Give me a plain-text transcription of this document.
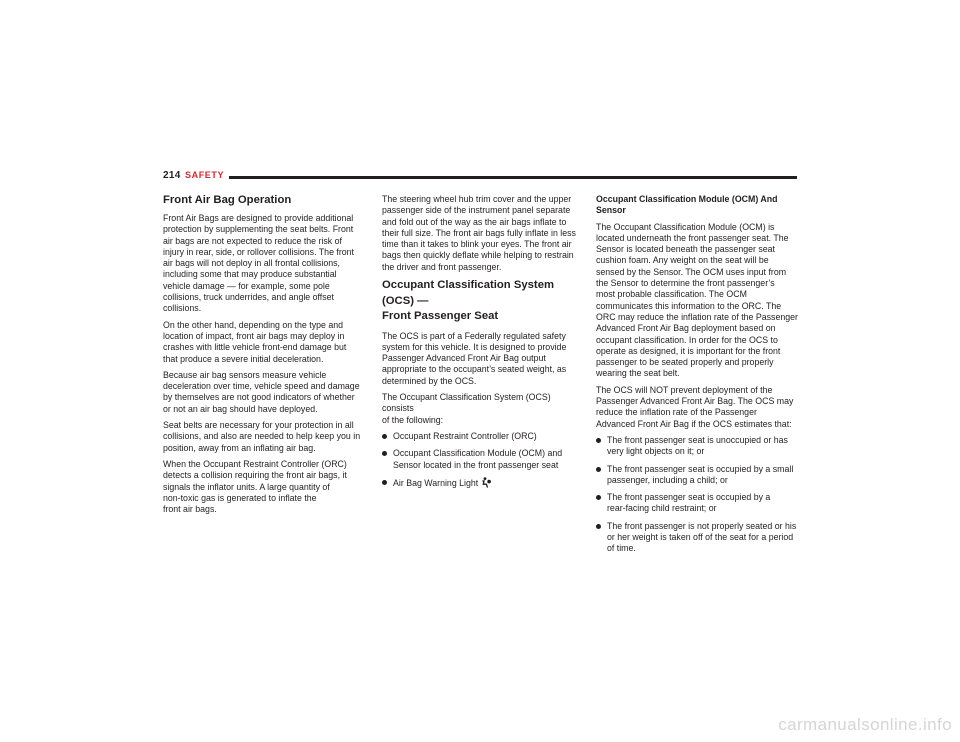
214 SAFETY
Front Air Bag Operation

Front Air Bags are designed to provide additional
protection by supplementing the seat belts. Front
air bags are not expected to reduce the risk of
injury in rear, side, or rollover collisions. The front
air bags will not deploy in all frontal collisions,
including some that may produce substantial
vehicle damage — for example, some pole
collisions, truck underrides, and angle offset
collisions.

On the other hand, depending on the type and
location of impact, front air bags may deploy in
crashes with little vehicle front-end damage but
that produce a severe initial deceleration.

Because air bag sensors measure vehicle
deceleration over time, vehicle speed and damage
by themselves are not good indicators of whether
or not an air bag should have deployed.

Seat belts are necessary for your protection in all
collisions, and also are needed to help keep you in
position, away from an inflating air bag.

When the Occupant Restraint Controller (ORC)
detects a collision requiring the front air bags, it
signals the inflator units. A large quantity of
non-toxic gas is generated to inflate the
front air bags.

The steering wheel hub trim cover and the upper
passenger side of the instrument panel separate
and fold out of the way as the air bags inflate to
their full size. The front air bags fully inflate in less
time than it takes to blink your eyes. The front air
bags then quickly deflate while helping to restrain
the driver and front passenger.

Occupant Classification System (OCS) —
Front Passenger Seat

The OCS is part of a Federally regulated safety
system for this vehicle. It is designed to provide
Passenger Advanced Front Air Bag output
appropriate to the occupant’s seated weight, as
determined by the OCS.

The Occupant Classification System (OCS) consists
of the following:

Occupant Restraint Controller (ORC)
Occupant Classification Module (OCM) and
Sensor located in the front passenger seat
Air Bag Warning Light
Occupant Classification Module (OCM) And Sensor

The Occupant Classification Module (OCM) is
located underneath the front passenger seat. The
Sensor is located beneath the passenger seat
cushion foam. Any weight on the seat will be
sensed by the Sensor. The OCM uses input from
the Sensor to determine the front passenger’s
most probable classification. The OCM
communicates this information to the ORC. The
ORC may reduce the inflation rate of the Passenger
Advanced Front Air Bag deployment based on
occupant classification. In order for the OCS to
operate as designed, it is important for the front
passenger to be seated properly and properly
wearing the seat belt.

The OCS will NOT prevent deployment of the
Passenger Advanced Front Air Bag. The OCS may
reduce the inflation rate of the Passenger
Advanced Front Air Bag if the OCS estimates that:

The front passenger seat is unoccupied or has
very light objects on it; or
The front passenger seat is occupied by a small
passenger, including a child; or
The front passenger seat is occupied by a
rear-facing child restraint; or
The front passenger is not properly seated or his
or her weight is taken off of the seat for a period
of time.
carmanualsonline.info
